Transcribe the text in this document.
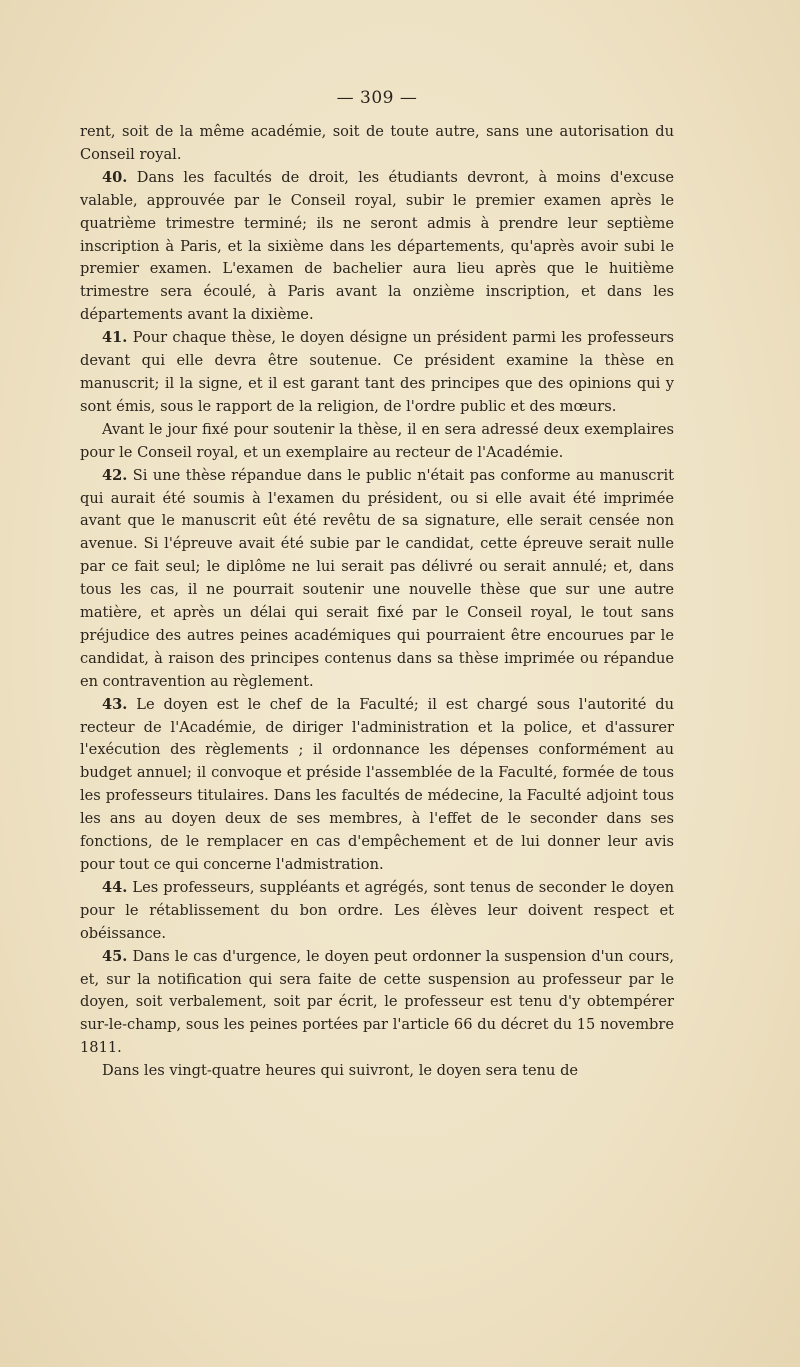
— 309 —

rent, soit de la même académie, soit de toute autre, sans une autorisation du Conseil royal.

40. Dans les facultés de droit, les étudiants devront, à moins d'excuse valable, approuvée par le Conseil royal, subir le premier examen après le quatrième trimestre terminé; ils ne seront admis à prendre leur septième inscription à Paris, et la sixième dans les départements, qu'après avoir subi le premier examen. L'examen de bachelier aura lieu après que le huitième trimestre sera écoulé, à Paris avant la onzième inscription, et dans les départements avant la dixième.

41. Pour chaque thèse, le doyen désigne un président parmi les professeurs devant qui elle devra être soutenue. Ce président examine la thèse en manuscrit; il la signe, et il est garant tant des principes que des opinions qui y sont émis, sous le rapport de la religion, de l'ordre public et des mœurs.

Avant le jour fixé pour soutenir la thèse, il en sera adressé deux exemplaires pour le Conseil royal, et un exemplaire au recteur de l'Académie.

42. Si une thèse répandue dans le public n'était pas conforme au manuscrit qui aurait été soumis à l'examen du président, ou si elle avait été imprimée avant que le manuscrit eût été revêtu de sa signature, elle serait censée non avenue. Si l'épreuve avait été subie par le candidat, cette épreuve serait nulle par ce fait seul; le diplôme ne lui serait pas délivré ou serait annulé; et, dans tous les cas, il ne pourrait soutenir une nouvelle thèse que sur une autre matière, et après un délai qui serait fixé par le Conseil royal, le tout sans préjudice des autres peines académiques qui pourraient être encourues par le candidat, à raison des principes contenus dans sa thèse imprimée ou répandue en contravention au règlement.

43. Le doyen est le chef de la Faculté; il est chargé sous l'autorité du recteur de l'Académie, de diriger l'administration et la police, et d'assurer l'exécution des règlements ; il ordonnance les dépenses conformément au budget annuel; il convoque et préside l'assemblée de la Faculté, formée de tous les professeurs titulaires. Dans les facultés de médecine, la Faculté adjoint tous les ans au doyen deux de ses membres, à l'effet de le seconder dans ses fonctions, de le remplacer en cas d'empêchement et de lui donner leur avis pour tout ce qui concerne l'admistration.

44. Les professeurs, suppléants et agrégés, sont tenus de seconder le doyen pour le rétablissement du bon ordre. Les élèves leur doivent respect et obéissance.

45. Dans le cas d'urgence, le doyen peut ordonner la suspension d'un cours, et, sur la notification qui sera faite de cette suspension au professeur par le doyen, soit verbalement, soit par écrit, le professeur est tenu d'y obtempérer sur-le-champ, sous les peines portées par l'article 66 du décret du 15 novembre 1811.

Dans les vingt-quatre heures qui suivront, le doyen sera tenu de
